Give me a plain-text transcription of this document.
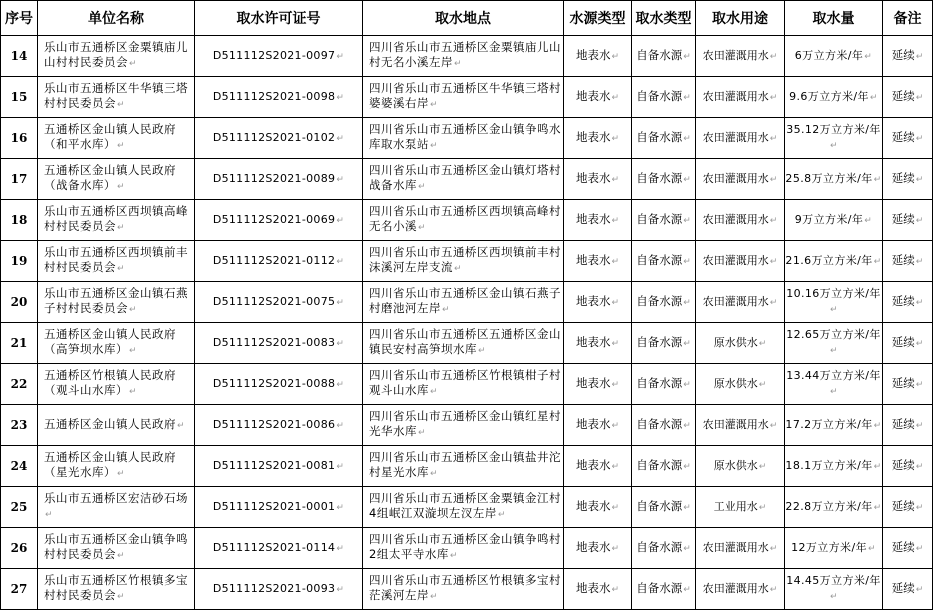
序号	单位名称	取水许可证号	取水地点	水源类型	取水类型	取水用途	取水量	备注
14	乐山市五通桥区金粟镇庙儿山村村民委员会↵	D511112S2021-0097↵	四川省乐山市五通桥区金粟镇庙儿山村无名小溪左岸↵	地表水↵	自备水源↵	农田灌溉用水↵	6万立方米/年↵	延续↵
15	乐山市五通桥区牛华镇三塔村村民委员会↵	D511112S2021-0098↵	四川省乐山市五通桥区牛华镇三塔村婆婆溪右岸↵	地表水↵	自备水源↵	农田灌溉用水↵	9.6万立方米/年↵	延续↵
16	五通桥区金山镇人民政府（和平水库）↵	D511112S2021-0102↵	四川省乐山市五通桥区金山镇争鸣水库取水泵站↵	地表水↵	自备水源↵	农田灌溉用水↵	35.12万立方米/年↵	延续↵
17	五通桥区金山镇人民政府（战备水库）↵	D511112S2021-0089↵	四川省乐山市五通桥区金山镇灯塔村战备水库↵	地表水↵	自备水源↵	农田灌溉用水↵	25.8万立方米/年↵	延续↵
18	乐山市五通桥区西坝镇高峰村村民委员会↵	D511112S2021-0069↵	四川省乐山市五通桥区西坝镇高峰村无名小溪↵	地表水↵	自备水源↵	农田灌溉用水↵	9万立方米/年↵	延续↵
19	乐山市五通桥区西坝镇前丰村村民委员会↵	D511112S2021-0112↵	四川省乐山市五通桥区西坝镇前丰村沫溪河左岸支流↵	地表水↵	自备水源↵	农田灌溉用水↵	21.6万立方米/年↵	延续↵
20	乐山市五通桥区金山镇石燕子村村民委员会↵	D511112S2021-0075↵	四川省乐山市五通桥区金山镇石燕子村磨池河左岸↵	地表水↵	自备水源↵	农田灌溉用水↵	10.16万立方米/年↵	延续↵
21	五通桥区金山镇人民政府（高笋坝水库）↵	D511112S2021-0083↵	四川省乐山市五通桥区五通桥区金山镇民安村高笋坝水库↵	地表水↵	自备水源↵	原水供水↵	12.65万立方米/年↵	延续↵
22	五通桥区竹根镇人民政府（观斗山水库）↵	D511112S2021-0088↵	四川省乐山市五通桥区竹根镇柑子村观斗山水库↵	地表水↵	自备水源↵	原水供水↵	13.44万立方米/年↵	延续↵
23	五通桥区金山镇人民政府↵	D511112S2021-0086↵	四川省乐山市五通桥区金山镇红星村光华水库↵	地表水↵	自备水源↵	农田灌溉用水↵	17.2万立方米/年↵	延续↵
24	五通桥区金山镇人民政府（星光水库）↵	D511112S2021-0081↵	四川省乐山市五通桥区金山镇盐井沱村星光水库↵	地表水↵	自备水源↵	原水供水↵	18.1万立方米/年↵	延续↵
25	乐山市五通桥区宏洁砂石场↵	D511112S2021-0001↵	四川省乐山市五通桥区金粟镇金江村4组岷江双漩坝左汊左岸↵	地表水↵	自备水源↵	工业用水↵	22.8万立方米/年↵	延续↵
26	乐山市五通桥区金山镇争鸣村村民委员会↵	D511112S2021-0114↵	四川省乐山市五通桥区金山镇争鸣村2组太平寺水库↵	地表水↵	自备水源↵	农田灌溉用水↵	12万立方米/年↵	延续↵
27	乐山市五通桥区竹根镇多宝村村民委员会↵	D511112S2021-0093↵	四川省乐山市五通桥区竹根镇多宝村茫溪河左岸↵	地表水↵	自备水源↵	农田灌溉用水↵	14.45万立方米/年↵	延续↵
